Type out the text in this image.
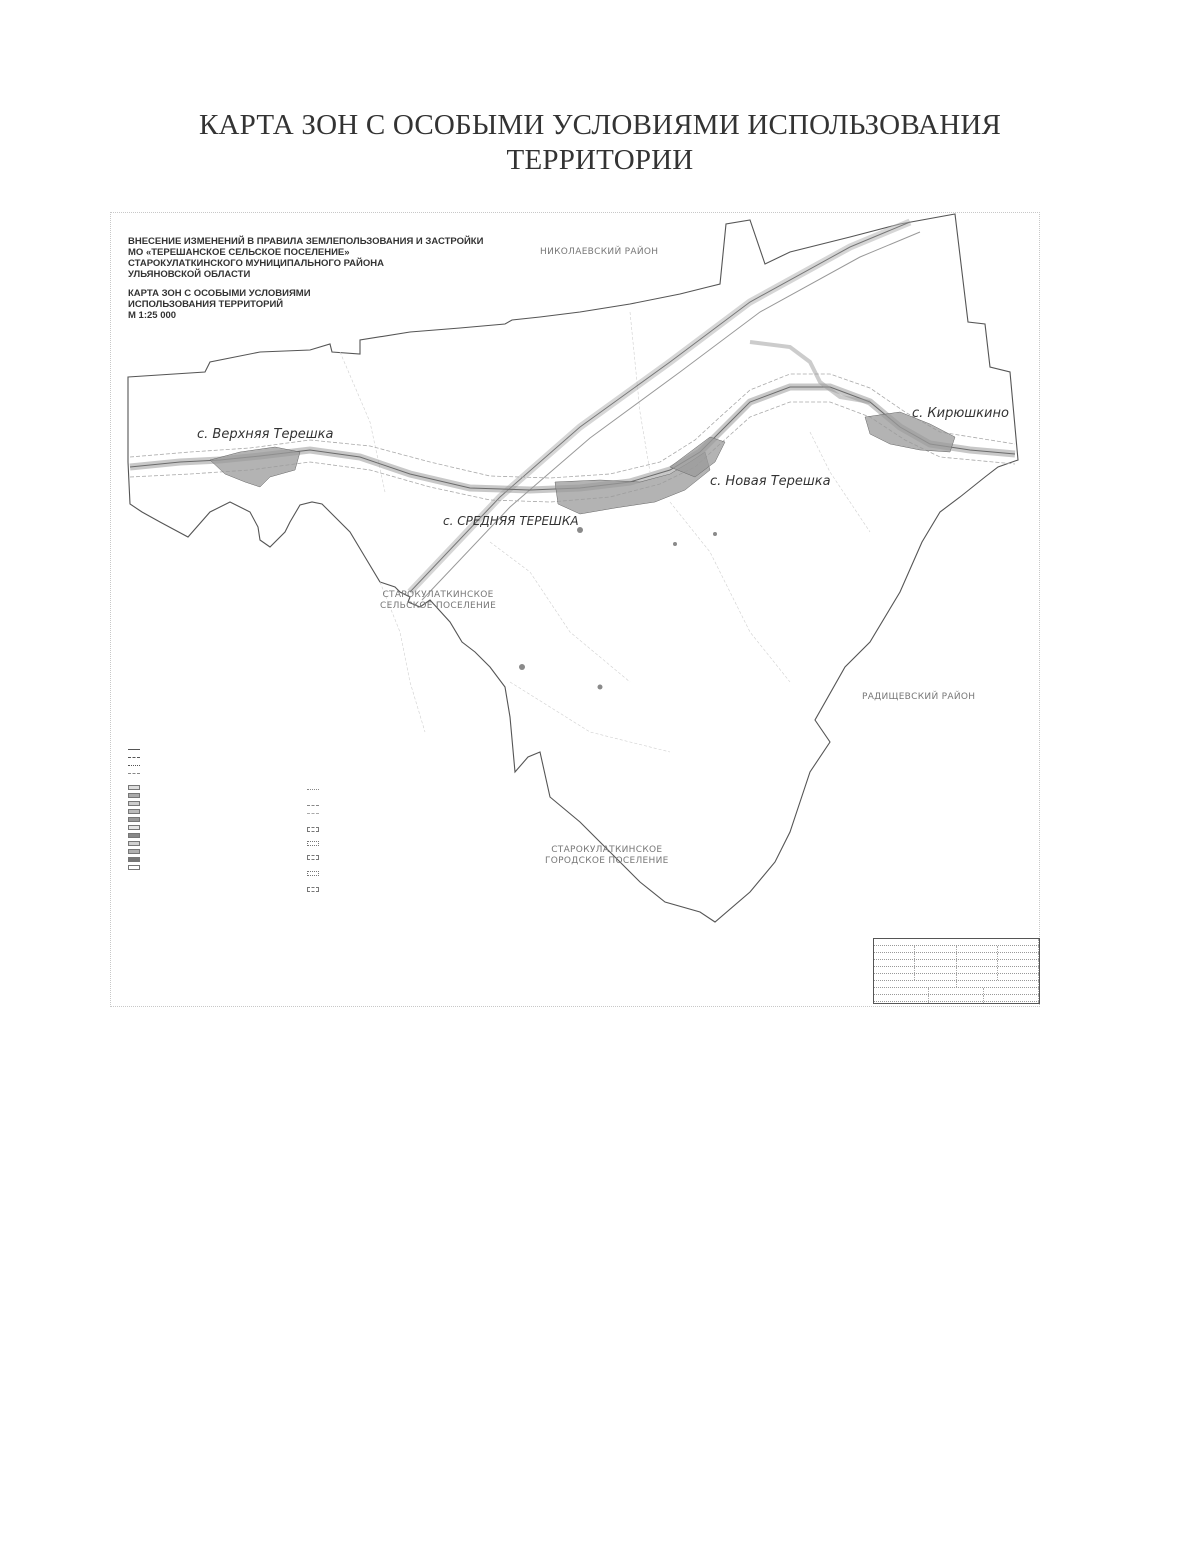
КАРТА ЗОН С ОСОБЫМИ УСЛОВИЯМИ ИСПОЛЬЗОВАНИЯ
ТЕРРИТОРИИ
ВНЕСЕНИЕ ИЗМЕНЕНИЙ В ПРАВИЛА ЗЕМЛЕПОЛЬЗОВАНИЯ И ЗАСТРОЙКИ
МО «ТЕРЕШАНСКОЕ СЕЛЬСКОЕ ПОСЕЛЕНИЕ»
СТАРОКУЛАТКИНСКОГО МУНИЦИПАЛЬНОГО РАЙОНА
УЛЬЯНОВСКОЙ ОБЛАСТИ
КАРТА ЗОН С ОСОБЫМИ УСЛОВИЯМИ
ИСПОЛЬЗОВАНИЯ ТЕРРИТОРИЙ
М 1:25 000
с. Верхняя Терешка
с. СРЕДНЯЯ ТЕРЕШКА
с. Новая Терешка
с. Кирюшкино
НИКОЛАЕВСКИЙ РАЙОН
РАДИЩЕВСКИЙ РАЙОН
СТАРОКУЛАТКИНСКОЕ
СЕЛЬСКОЕ ПОСЕЛЕНИЕ
СТАРОКУЛАТКИНСКОЕ
ГОРОДСКОЕ ПОСЕЛЕНИЕ
